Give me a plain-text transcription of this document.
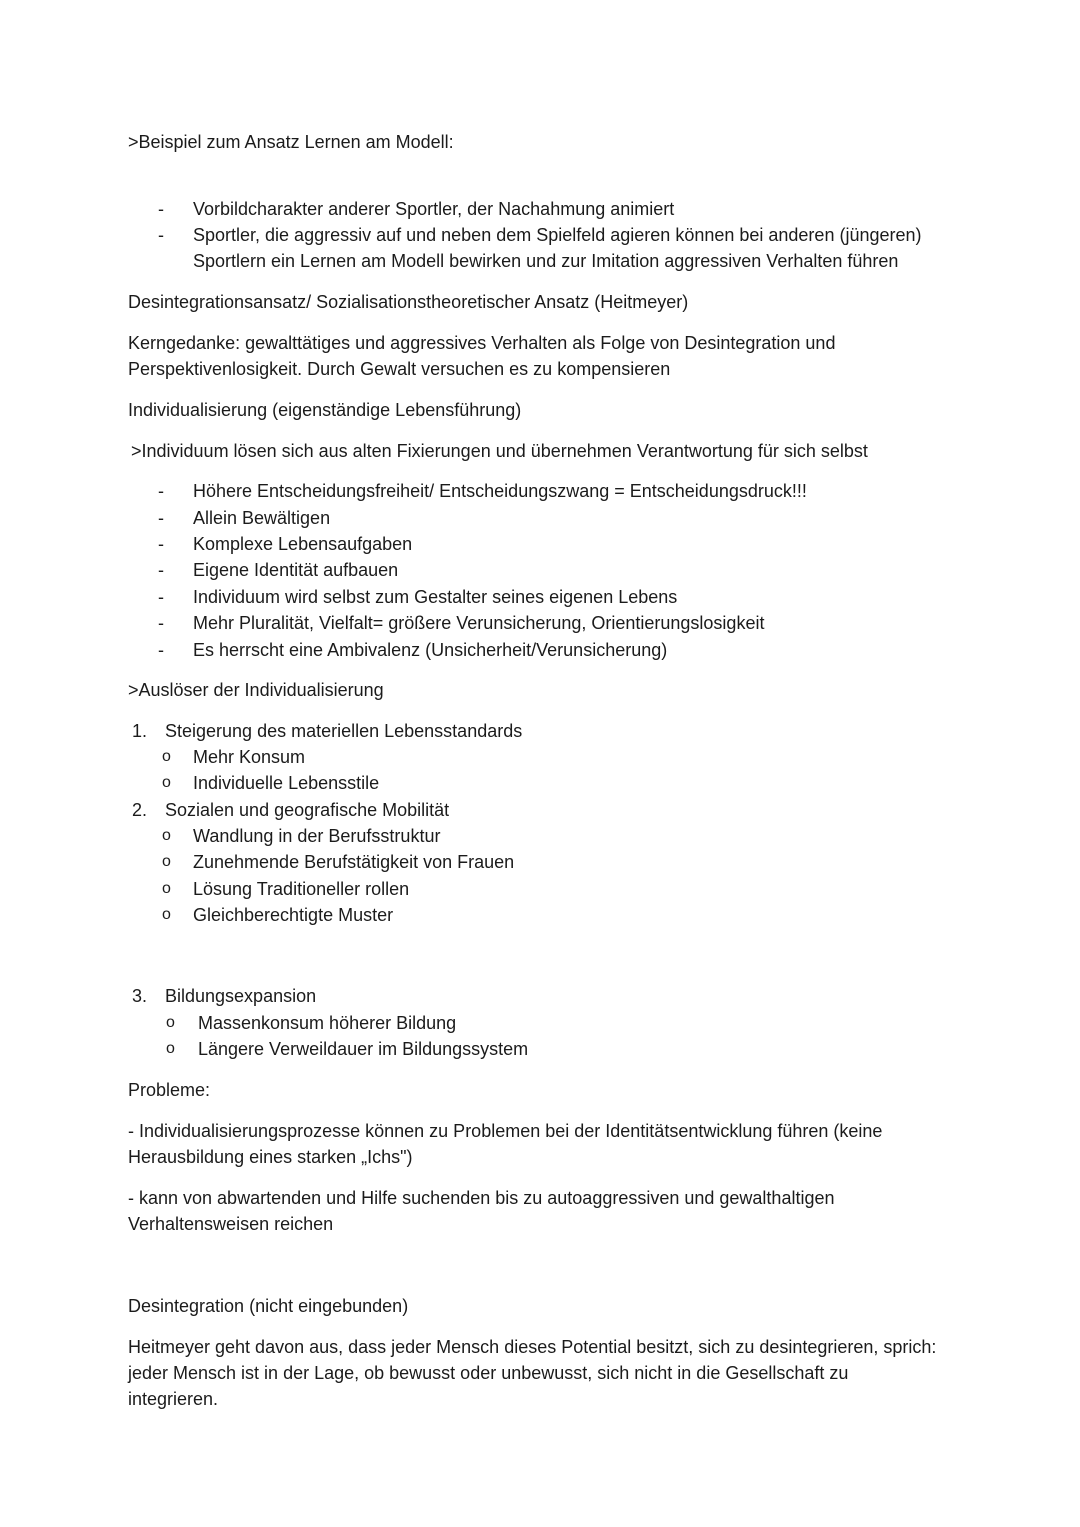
>Beispiel zum Ansatz Lernen am Modell:
- Vorbildcharakter anderer Sportler, der Nachahmung animiert
- Sportler, die aggressiv auf und neben dem Spielfeld agieren können bei anderen (jüngeren)
Sportlern ein Lernen am Modell bewirken und zur Imitation aggressiven Verhalten führen
Desintegrationsansatz/ Sozialisationstheoretischer Ansatz (Heitmeyer)
Kerngedanke: gewalttätiges und aggressives Verhalten als Folge von Desintegration und
Perspektivenlosigkeit. Durch Gewalt versuchen es zu kompensieren
Individualisierung (eigenständige Lebensführung)
>Individuum lösen sich aus alten Fixierungen und übernehmen Verantwortung für sich selbst
- Höhere Entscheidungsfreiheit/ Entscheidungszwang = Entscheidungsdruck!!!
- Allein Bewältigen
- Komplexe Lebensaufgaben
- Eigene Identität aufbauen
- Individuum wird selbst zum Gestalter seines eigenen Lebens
- Mehr Pluralität, Vielfalt= größere Verunsicherung, Orientierungslosigkeit
- Es herrscht eine Ambivalenz (Unsicherheit/Verunsicherung)
>Auslöser der Individualisierung
1. Steigerung des materiellen Lebensstandards
o Mehr Konsum
o Individuelle Lebensstile
2. Sozialen und geografische Mobilität
o Wandlung in der Berufsstruktur
o Zunehmende Berufstätigkeit von Frauen
o Lösung Traditioneller rollen
o Gleichberechtigte Muster
3. Bildungsexpansion
o Massenkonsum höherer Bildung
o Längere Verweildauer im Bildungssystem
Probleme:
- Individualisierungsprozesse können zu Problemen bei der Identitätsentwicklung führen (keine
Herausbildung eines starken „Ichs")
- kann von abwartenden und Hilfe suchenden bis zu autoaggressiven und gewalthaltigen
Verhaltensweisen reichen
Desintegration (nicht eingebunden)
Heitmeyer geht davon aus, dass jeder Mensch dieses Potential besitzt, sich zu desintegrieren, sprich:
jeder Mensch ist in der Lage, ob bewusst oder unbewusst, sich nicht in die Gesellschaft zu
integrieren.
